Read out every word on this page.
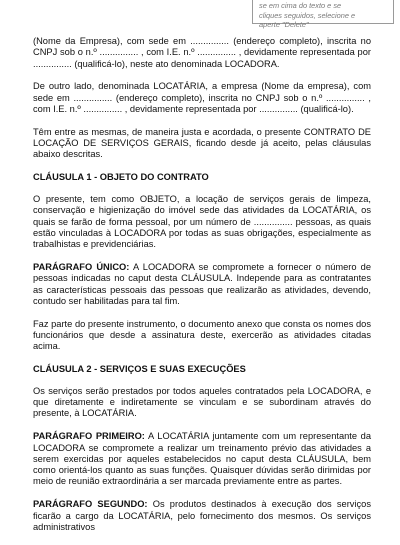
se em cima do texto e se
cliques seguidos, selecione e
aperte "Delete"

(Nome da Empresa), com sede em ............... (endereço completo), inscrita no CNPJ sob o n.º ............... , com I.E. n.º ............... , devidamente representada por ............... (qualificá-lo), neste ato denominada LOCADORA.

De outro lado, denominada LOCATÁRIA, a empresa (Nome da empresa), com sede em ............... (endereço completo), inscrita no CNPJ sob o n.º ............... , com I.E. n.º ............... , devidamente representada por ............... (qualificá-lo).

Têm entre as mesmas, de maneira justa e acordada, o presente CONTRATO DE LOCAÇÃO DE SERVIÇOS GERAIS, ficando desde já aceito, pelas cláusulas abaixo descritas.

CLÁUSULA 1 - OBJETO DO CONTRATO

O presente, tem como OBJETO, a locação de serviços gerais de limpeza, conservação e higienização do imóvel sede das atividades da LOCATÁRIA, os quais se farão de forma pessoal, por um número de ............... pessoas, as quais estão vinculadas à LOCADORA por todas as suas obrigações, especialmente as trabalhistas e previdenciárias.

PARÁGRAFO ÚNICO: A LOCADORA se compromete a fornecer o número de pessoas indicadas no caput desta CLÁUSULA. Independe para as contratantes as características pessoais das pessoas que realizarão as atividades, devendo, contudo ser habilitadas para tal fim.

Faz parte do presente instrumento, o documento anexo que consta os nomes dos funcionários que desde a assinatura deste, exercerão as atividades citadas acima.

CLÁUSULA 2 - SERVIÇOS E SUAS EXECUÇÕES

Os serviços serão prestados por todos aqueles contratados pela LOCADORA, e que diretamente e indiretamente se vinculam e se subordinam através do presente, à LOCATÁRIA.

PARÁGRAFO PRIMEIRO: A LOCATÁRIA juntamente com um representante da LOCADORA se compromete a realizar um treinamento prévio das atividades a serem exercidas por aqueles estabelecidos no caput desta CLÁUSULA, bem como orientá-los quanto as suas funções. Quaisquer dúvidas serão dirimidas por meio de reunião extraordinária a ser marcada previamente entre as partes.

PARÁGRAFO SEGUNDO: Os produtos destinados à execução dos serviços ficarão a cargo da LOCATÁRIA, pelo fornecimento dos mesmos. Os serviços administrativos
